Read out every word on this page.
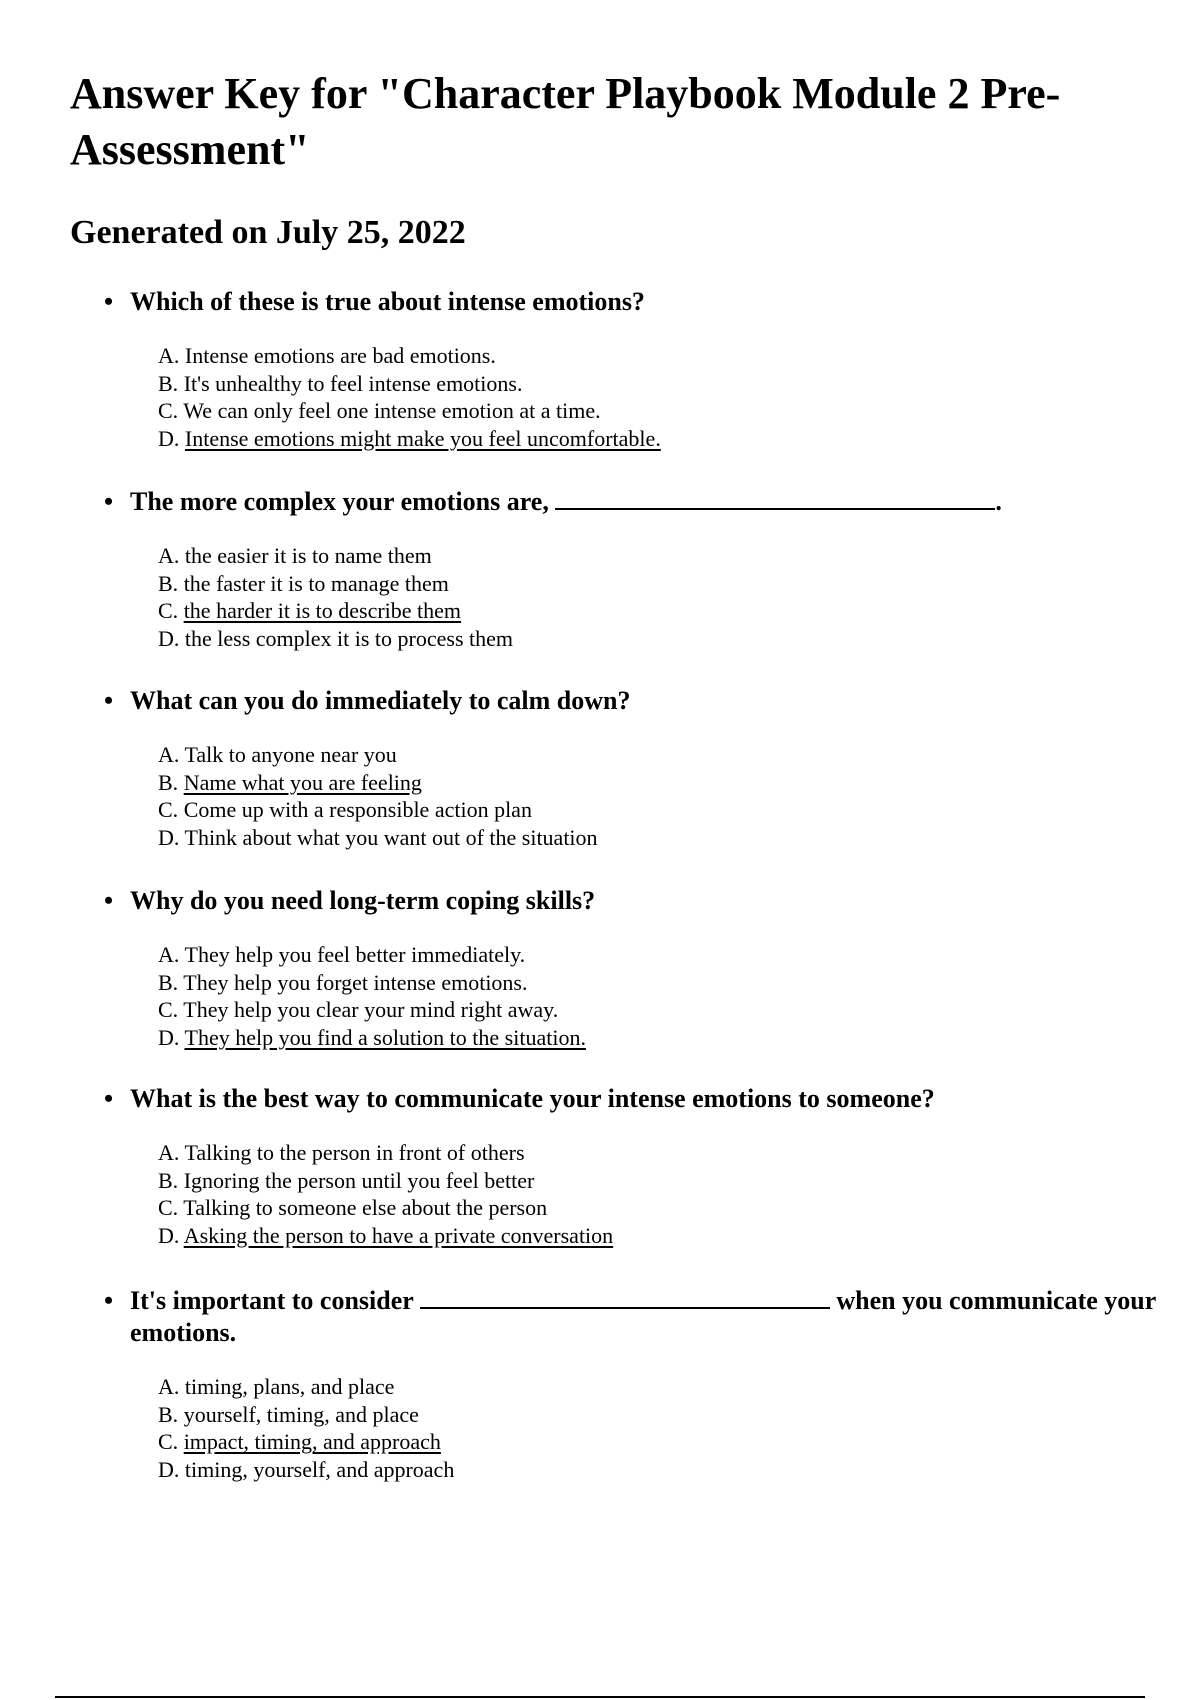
Answer Key for "Character Playbook Module 2 Pre-Assessment"
Generated on July 25, 2022
• Which of these is true about intense emotions?
A. Intense emotions are bad emotions.
B. It's unhealthy to feel intense emotions.
C. We can only feel one intense emotion at a time.
D. Intense emotions might make you feel uncomfortable.
• The more complex your emotions are,	.
A. the easier it is to name them
B. the faster it is to manage them
C. the harder it is to describe them
D. the less complex it is to process them
• What can you do immediately to calm down?
A. Talk to anyone near you
B. Name what you are feeling
C. Come up with a responsible action plan
D. Think about what you want out of the situation
• Why do you need long-term coping skills?
A. They help you feel better immediately.
B. They help you forget intense emotions.
C. They help you clear your mind right away.
D. They help you find a solution to the situation.
• What is the best way to communicate your intense emotions to someone?
A. Talking to the person in front of others
B. Ignoring the person until you feel better
C. Talking to someone else about the person
D. Asking the person to have a private conversation
• It's important to consider	when you communicate your emotions.
A. timing, plans, and place
B. yourself, timing, and place
C. impact, timing, and approach
D. timing, yourself, and approach
